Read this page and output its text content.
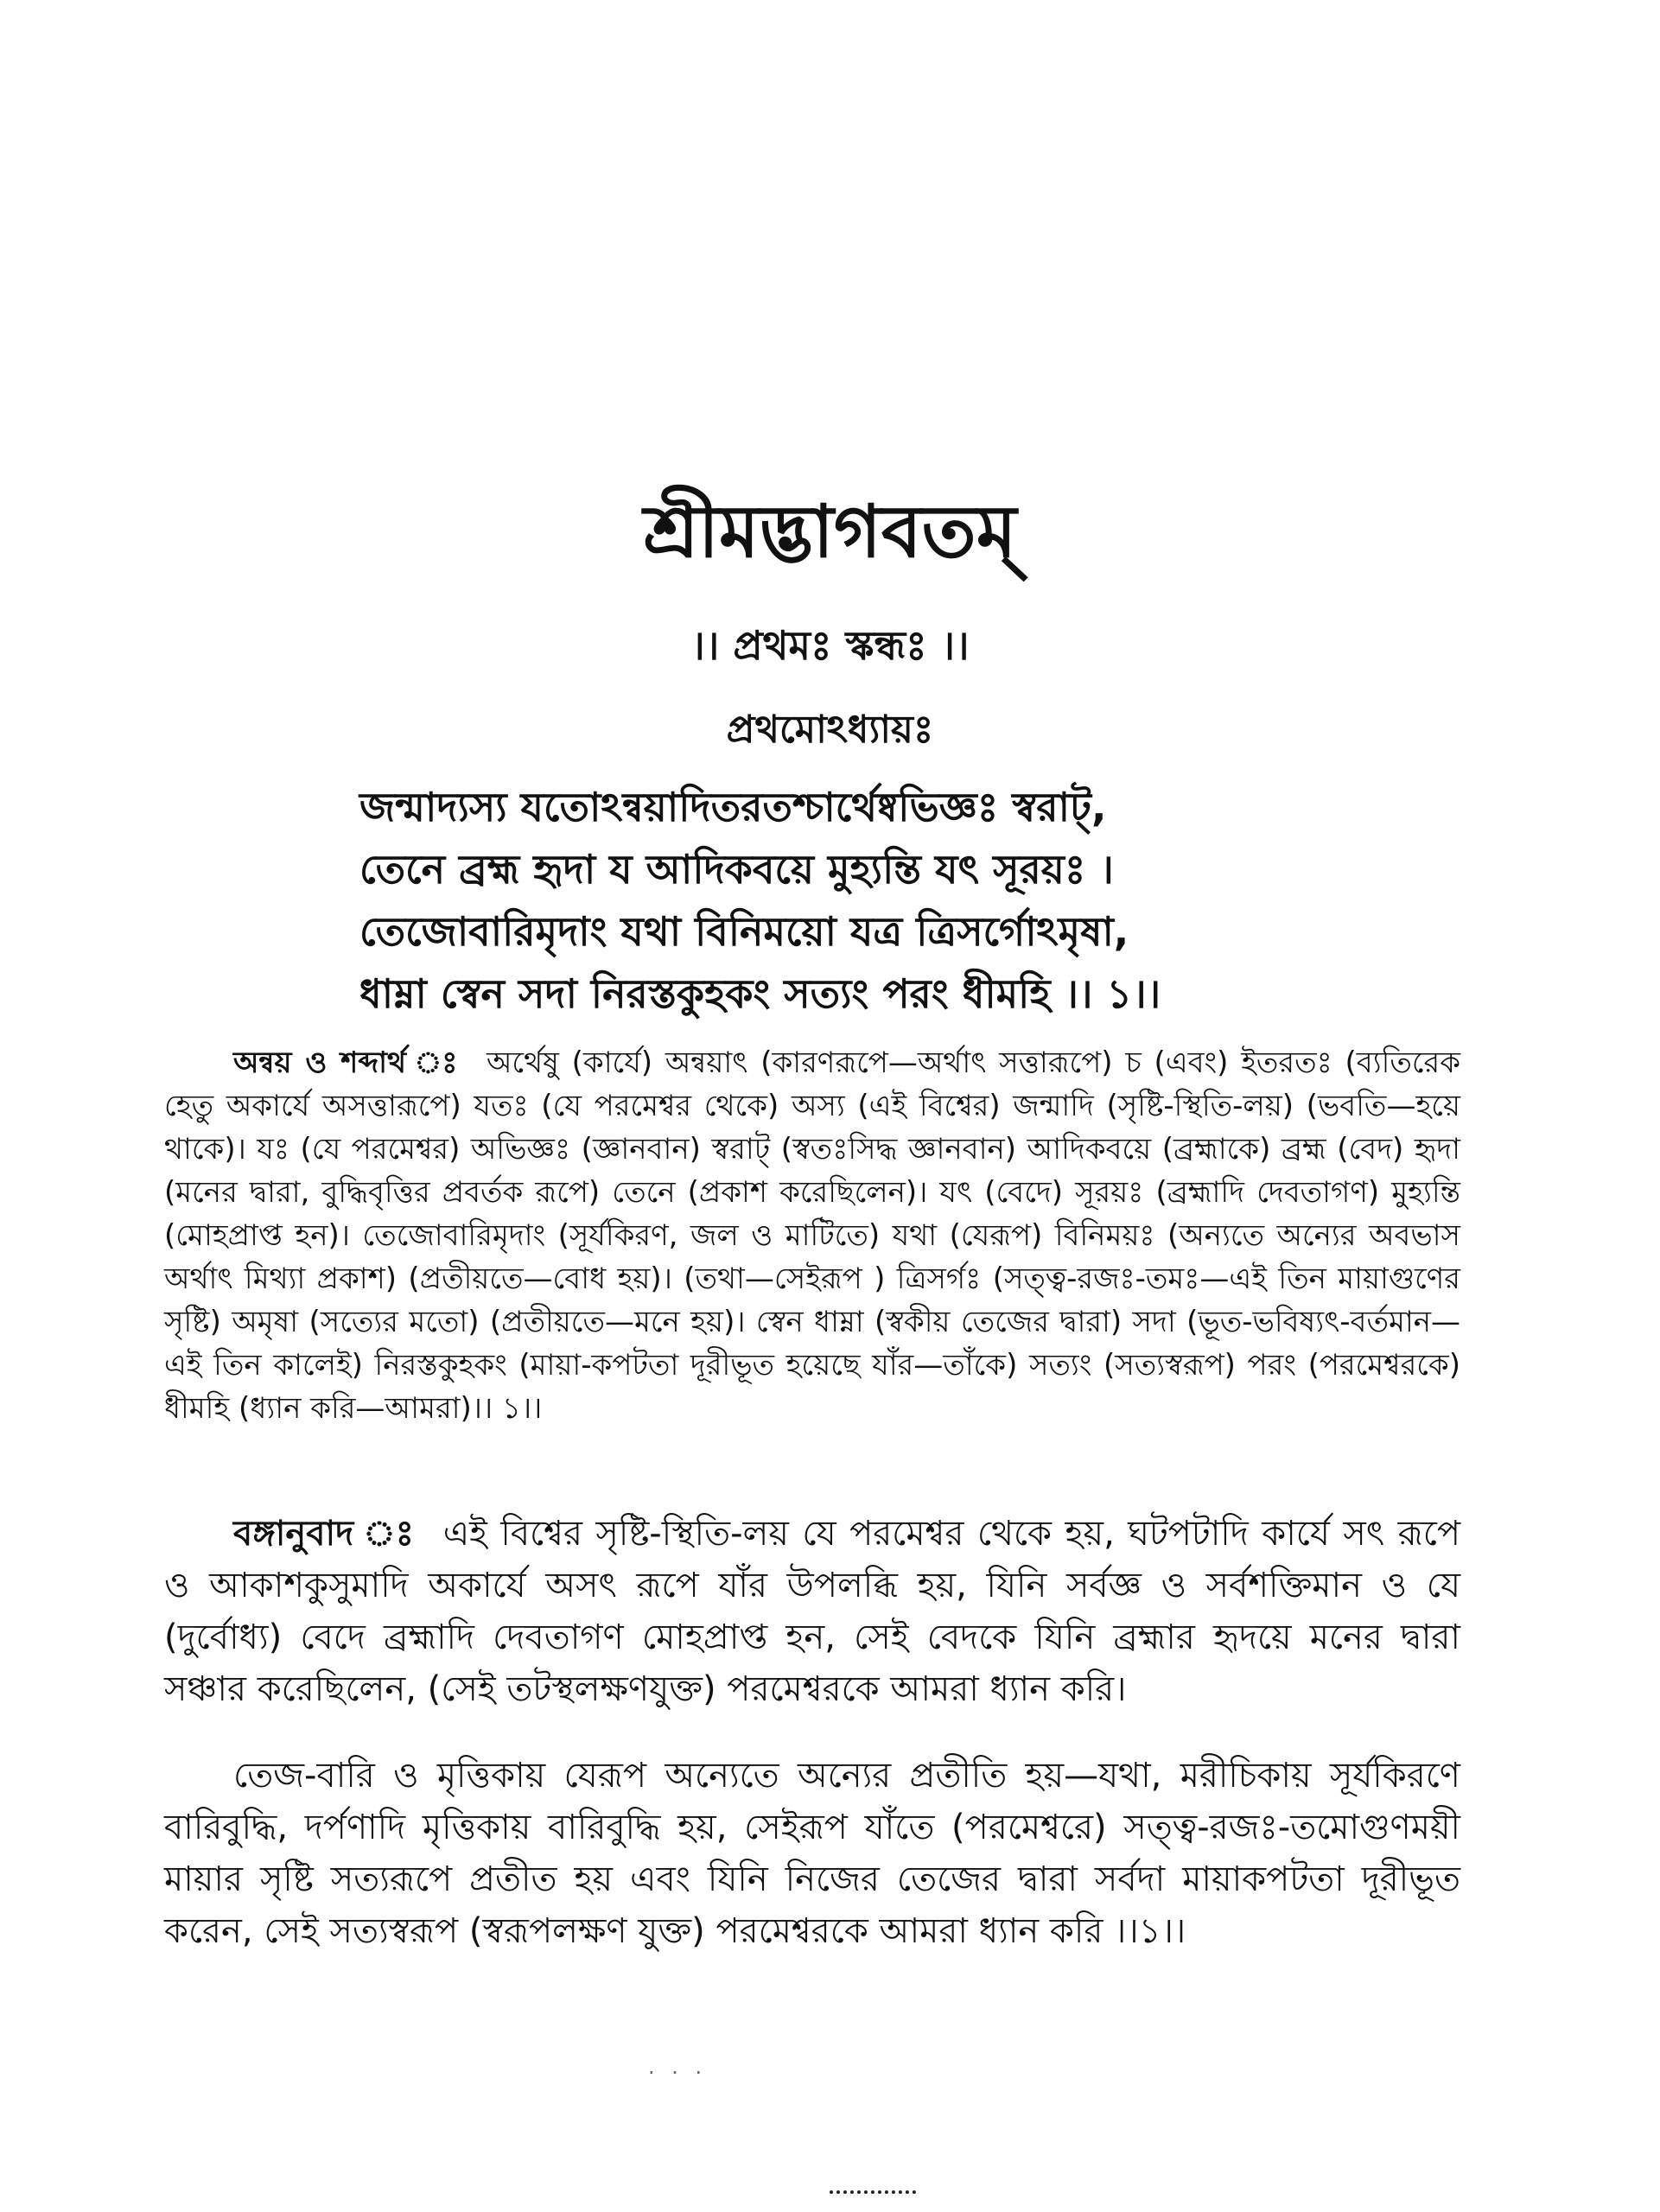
শ্রীমদ্ভাগবতম্
।। প্রথমঃ স্কন্ধঃ ।।
প্রথমোঽধ্যায়ঃ
জন্মাদ্যস্য যতোঽন্বয়াদিতরতশ্চার্থেষ্বভিজ্ঞঃ স্বরাট্,
তেনে ব্রহ্ম হৃদা য আদিকবয়ে মুহ্যন্তি যৎ সূরয়ঃ ।
তেজোবারিমৃদাং যথা বিনিময়ো যত্র ত্রিসর্গোঽমৃষা,
ধাম্না স্বেন সদা নিরস্তকুহকং সত্যং পরং ধীমহি ।। ১।।

অন্বয় ও শব্দার্থ ঃ অর্থেষু (কার্যে) অন্বয়াৎ (কারণরূপে—অর্থাৎ সত্তারূপে) চ (এবং) ইতরতঃ (ব্যতিরেক হেতু অকার্যে অসত্তারূপে) যতঃ (যে পরমেশ্বর থেকে) অস্য (এই বিশ্বের) জন্মাদি (সৃষ্টি-স্থিতি-লয়) (ভবতি—হয়ে থাকে)। যঃ (যে পরমেশ্বর) অভিজ্ঞঃ (জ্ঞানবান) স্বরাট্ (স্বতঃসিদ্ধ জ্ঞানবান) আদিকবয়ে (ব্রহ্মাকে) ব্রহ্ম (বেদ) হৃদা (মনের দ্বারা, বুদ্ধিবৃত্তির প্রবর্তক রূপে) তেনে (প্রকাশ করেছিলেন)। যৎ (বেদে) সূরয়ঃ (ব্রহ্মাদি দেবতাগণ) মুহ্যন্তি (মোহপ্রাপ্ত হন)। তেজোবারিমৃদাং (সূর্যকিরণ, জল ও মাটিতে) যথা (যেরূপ) বিনিময়ঃ (অন্যতে অন্যের অবভাস অর্থাৎ মিথ্যা প্রকাশ) (প্রতীয়তে—বোধ হয়)। (তথা—সেইরূপ ) ত্রিসর্গঃ (সত্ত্ব-রজঃ-তমঃ—এই তিন মায়াগুণের সৃষ্টি) অমৃষা (সত্যের মতো) (প্রতীয়তে—মনে হয়)। স্বেন ধাম্না (স্বকীয় তেজের দ্বারা) সদা (ভূত-ভবিষ্যৎ-বর্তমান—এই তিন কালেই) নিরস্তকুহকং (মায়া-কপটতা দূরীভূত হয়েছে যাঁর—তাঁকে) সত্যং (সত্যস্বরূপ) পরং (পরমেশ্বরকে) ধীমহি (ধ্যান করি—আমরা)।। ১।।

বঙ্গানুবাদ ঃ এই বিশ্বের সৃষ্টি-স্থিতি-লয় যে পরমেশ্বর থেকে হয়, ঘটপটাদি কার্যে সৎ রূপে ও আকাশকুসুমাদি অকার্যে অসৎ রূপে যাঁর উপলব্ধি হয়, যিনি সর্বজ্ঞ ও সর্বশক্তিমান ও যে (দুর্বোধ্য) বেদে ব্রহ্মাদি দেবতাগণ মোহপ্রাপ্ত হন, সেই বেদকে যিনি ব্রহ্মার হৃদয়ে মনের দ্বারা সঞ্চার করেছিলেন, (সেই তটস্থলক্ষণযুক্ত) পরমেশ্বরকে আমরা ধ্যান করি।

তেজ-বারি ও মৃত্তিকায় যেরূপ অন্যেতে অন্যের প্রতীতি হয়—যথা, মরীচিকায় সূর্যকিরণে বারিবুদ্ধি, দর্পণাদি মৃত্তিকায় বারিবুদ্ধি হয়, সেইরূপ যাঁতে (পরমেশ্বরে) সত্ত্ব-রজঃ-তমোগুণময়ী মায়ার সৃষ্টি সত্যরূপে প্রতীত হয় এবং যিনি নিজের তেজের দ্বারা সর্বদা মায়াকপটতা দূরীভূত করেন, সেই সত্যস্বরূপ (স্বরূপলক্ষণ যুক্ত) পরমেশ্বরকে আমরা ধ্যান করি ।।১।।

· · ·
